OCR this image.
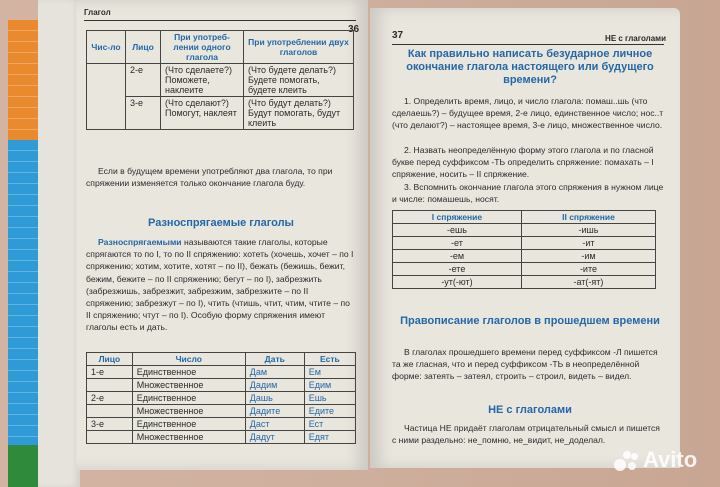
Глагол
36
Чис-ло	Лицо	При употреб-лении одного глагола	При употреблении двух глаголов
	2-е	(Что сделаете?) Поможете, наклеите	(Что будете делать?) Будете помогать, будете клеить
	3-е	(Что сделают?) Помогут, наклеят	(Что будут делать?) Будут помогать, будут клеить
Если в будущем времени употребляют два глагола, то при спряжении изменяется только окончание глагола буду.
Разноспрягаемые глаголы
Разноспрягаемыми называются такие глаголы, которые спрягаются то по I, то по II спряжению: хотеть (хочешь, хочет – по I спряжению; хотим, хотите, хотят – по II), бежать (бежишь, бежит, бежим, бежите – по II спряжению; бегут – по I), забрезжить (забрезжишь, забрезжит, забрезжим, забрезжите – по II спряжению; забрезжут – по I), чтить (чтишь, чтит, чтим, чтите – по II спряжению; чтут – по I). Особую форму спряжения имеют глаголы есть и дать.
Лицо	Число	Дать	Есть
1-е	Единственное	Дам	Ем
	Множественное	Дадим	Едим
2-е	Единственное	Дашь	Ешь
	Множественное	Дадите	Едите
3-е	Единственное	Даст	Ест
	Множественное	Дадут	Едят
37	НЕ с глаголами
Как правильно написать безударное личное окончание глагола настоящего или будущего времени?
1. Определить время, лицо, и число глагола: помаш..шь (что сделаешь?) – будущее время, 2-е лицо, единственное число; нос..т (что делают?) – настоящее время, 3-е лицо, множественное число.
2. Назвать неопределённую форму этого глагола и по гласной букве перед суффиксом -ТЬ определить спряжение: помахать – I спряжение, носить – II спряжение.
3. Вспомнить окончание глагола этого спряжения в нужном лице и числе: помашешь, носят.
I спряжение	II спряжение
-ешь	-ишь
-ет	-ит
-ем	-им
-ете	-ите
-ут(-ют)	-ат(-ят)
Правописание глаголов в прошедшем времени
В глаголах прошедшего времени перед суффиксом -Л пишется та же гласная, что и перед суффиксом -ТЬ в неопределённой форме: затеять – затеял, строить – строил, видеть – видел.
НЕ с глаголами
Частица НЕ придаёт глаголам отрицательный смысл и пишется с ними раздельно: не_помню, не_видит, не_доделал.
Avito
